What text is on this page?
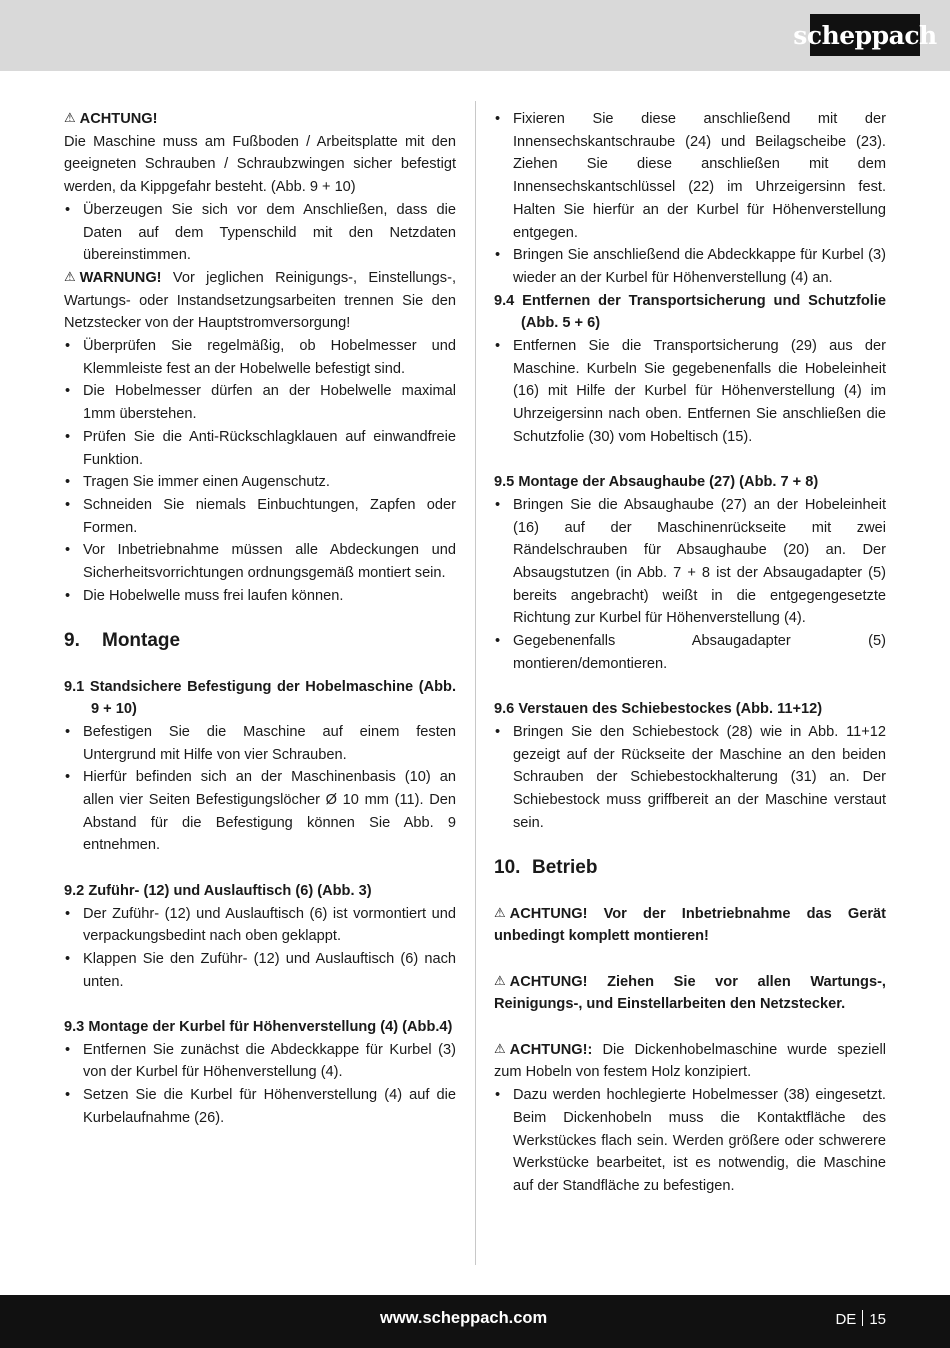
scheppach

⚠ ACHTUNG!

Die Maschine muss am Fußboden / Arbeitsplatte mit den geeigneten Schrauben / Schraubzwingen sicher befestigt werden, da Kippgefahr besteht. (Abb. 9 + 10)

• Überzeugen Sie sich vor dem Anschließen, dass die Daten auf dem Typenschild mit den Netzdaten übereinstimmen.

⚠ WARNUNG! Vor jeglichen Reinigungs-, Einstellungs-, Wartungs- oder Instandsetzungsarbeiten trennen Sie den Netzstecker von der Hauptstromversorgung!

• Überprüfen Sie regelmäßig, ob Hobelmesser und Klemmleiste fest an der Hobelwelle befestigt sind.
• Die Hobelmesser dürfen an der Hobelwelle maximal 1mm überstehen.
• Prüfen Sie die Anti-Rückschlagklauen auf einwandfreie Funktion.
• Tragen Sie immer einen Augenschutz.
• Schneiden Sie niemals Einbuchtungen, Zapfen oder Formen.
• Vor Inbetriebnahme müssen alle Abdeckungen und Sicherheitsvorrichtungen ordnungsgemäß montiert sein.
• Die Hobelwelle muss frei laufen können.

9. Montage

9.1 Standsichere Befestigung der Hobelmaschine (Abb. 9 + 10)

• Befestigen Sie die Maschine auf einem festen Untergrund mit Hilfe von vier Schrauben.
• Hierfür befinden sich an der Maschinenbasis (10) an allen vier Seiten Befestigungslöcher Ø 10 mm (11). Den Abstand für die Befestigung können Sie Abb. 9 entnehmen.

9.2 Zuführ- (12) und Auslauftisch (6) (Abb. 3)

• Der Zuführ- (12) und Auslauftisch (6) ist vormontiert und verpackungsbedint nach oben geklappt.
• Klappen Sie den Zuführ- (12) und Auslauftisch (6) nach unten.

9.3 Montage der Kurbel für Höhenverstellung (4) (Abb.4)

• Entfernen Sie zunächst die Abdeckkappe für Kurbel (3) von der Kurbel für Höhenverstellung (4).
• Setzen Sie die Kurbel für Höhenverstellung (4) auf die Kurbelaufnahme (26).
• Fixieren Sie diese anschließend mit der Innensechskantschraube (24) und Beilagscheibe (23). Ziehen Sie diese anschließen mit dem Innensechskantschlüssel (22) im Uhrzeigersinn fest. Halten Sie hierfür an der Kurbel für Höhenverstellung entgegen.
• Bringen Sie anschließend die Abdeckkappe für Kurbel (3) wieder an der Kurbel für Höhenverstellung (4) an.

9.4 Entfernen der Transportsicherung und Schutzfolie (Abb. 5 + 6)

• Entfernen Sie die Transportsicherung (29) aus der Maschine. Kurbeln Sie gegebenenfalls die Hobeleinheit (16) mit Hilfe der Kurbel für Höhenverstellung (4) im Uhrzeigersinn nach oben. Entfernen Sie anschließen die Schutzfolie (30) vom Hobeltisch (15).

9.5 Montage der Absaughaube (27) (Abb. 7 + 8)

• Bringen Sie die Absaughaube (27) an der Hobeleinheit (16) auf der Maschinenrückseite mit zwei Rändelschrauben für Absaughaube (20) an. Der Absaugstutzen (in Abb. 7 + 8 ist der Absaugadapter (5) bereits angebracht) weißt in die entgegengesetzte Richtung zur Kurbel für Höhenverstellung (4).
• Gegebenenfalls Absaugadapter (5) montieren/demontieren.

9.6 Verstauen des Schiebestockes (Abb. 11+12)

• Bringen Sie den Schiebestock (28) wie in Abb. 11+12 gezeigt auf der Rückseite der Maschine an den beiden Schrauben der Schiebestockhalterung (31) an. Der Schiebestock muss griffbereit an der Maschine verstaut sein.

10. Betrieb

⚠ ACHTUNG! Vor der Inbetriebnahme das Gerät unbedingt komplett montieren!

⚠ ACHTUNG! Ziehen Sie vor allen Wartungs-, Reinigungs-, und Einstellarbeiten den Netzstecker.

⚠ ACHTUNG!: Die Dickenhobelmaschine wurde speziell zum Hobeln von festem Holz konzipiert.

• Dazu werden hochlegierte Hobelmesser (38) eingesetzt. Beim Dickenhobeln muss die Kontaktfläche des Werkstückes flach sein. Werden größere oder schwerere Werkstücke bearbeitet, ist es notwendig, die Maschine auf der Standfläche zu befestigen.
www.scheppach.com	DE 15
